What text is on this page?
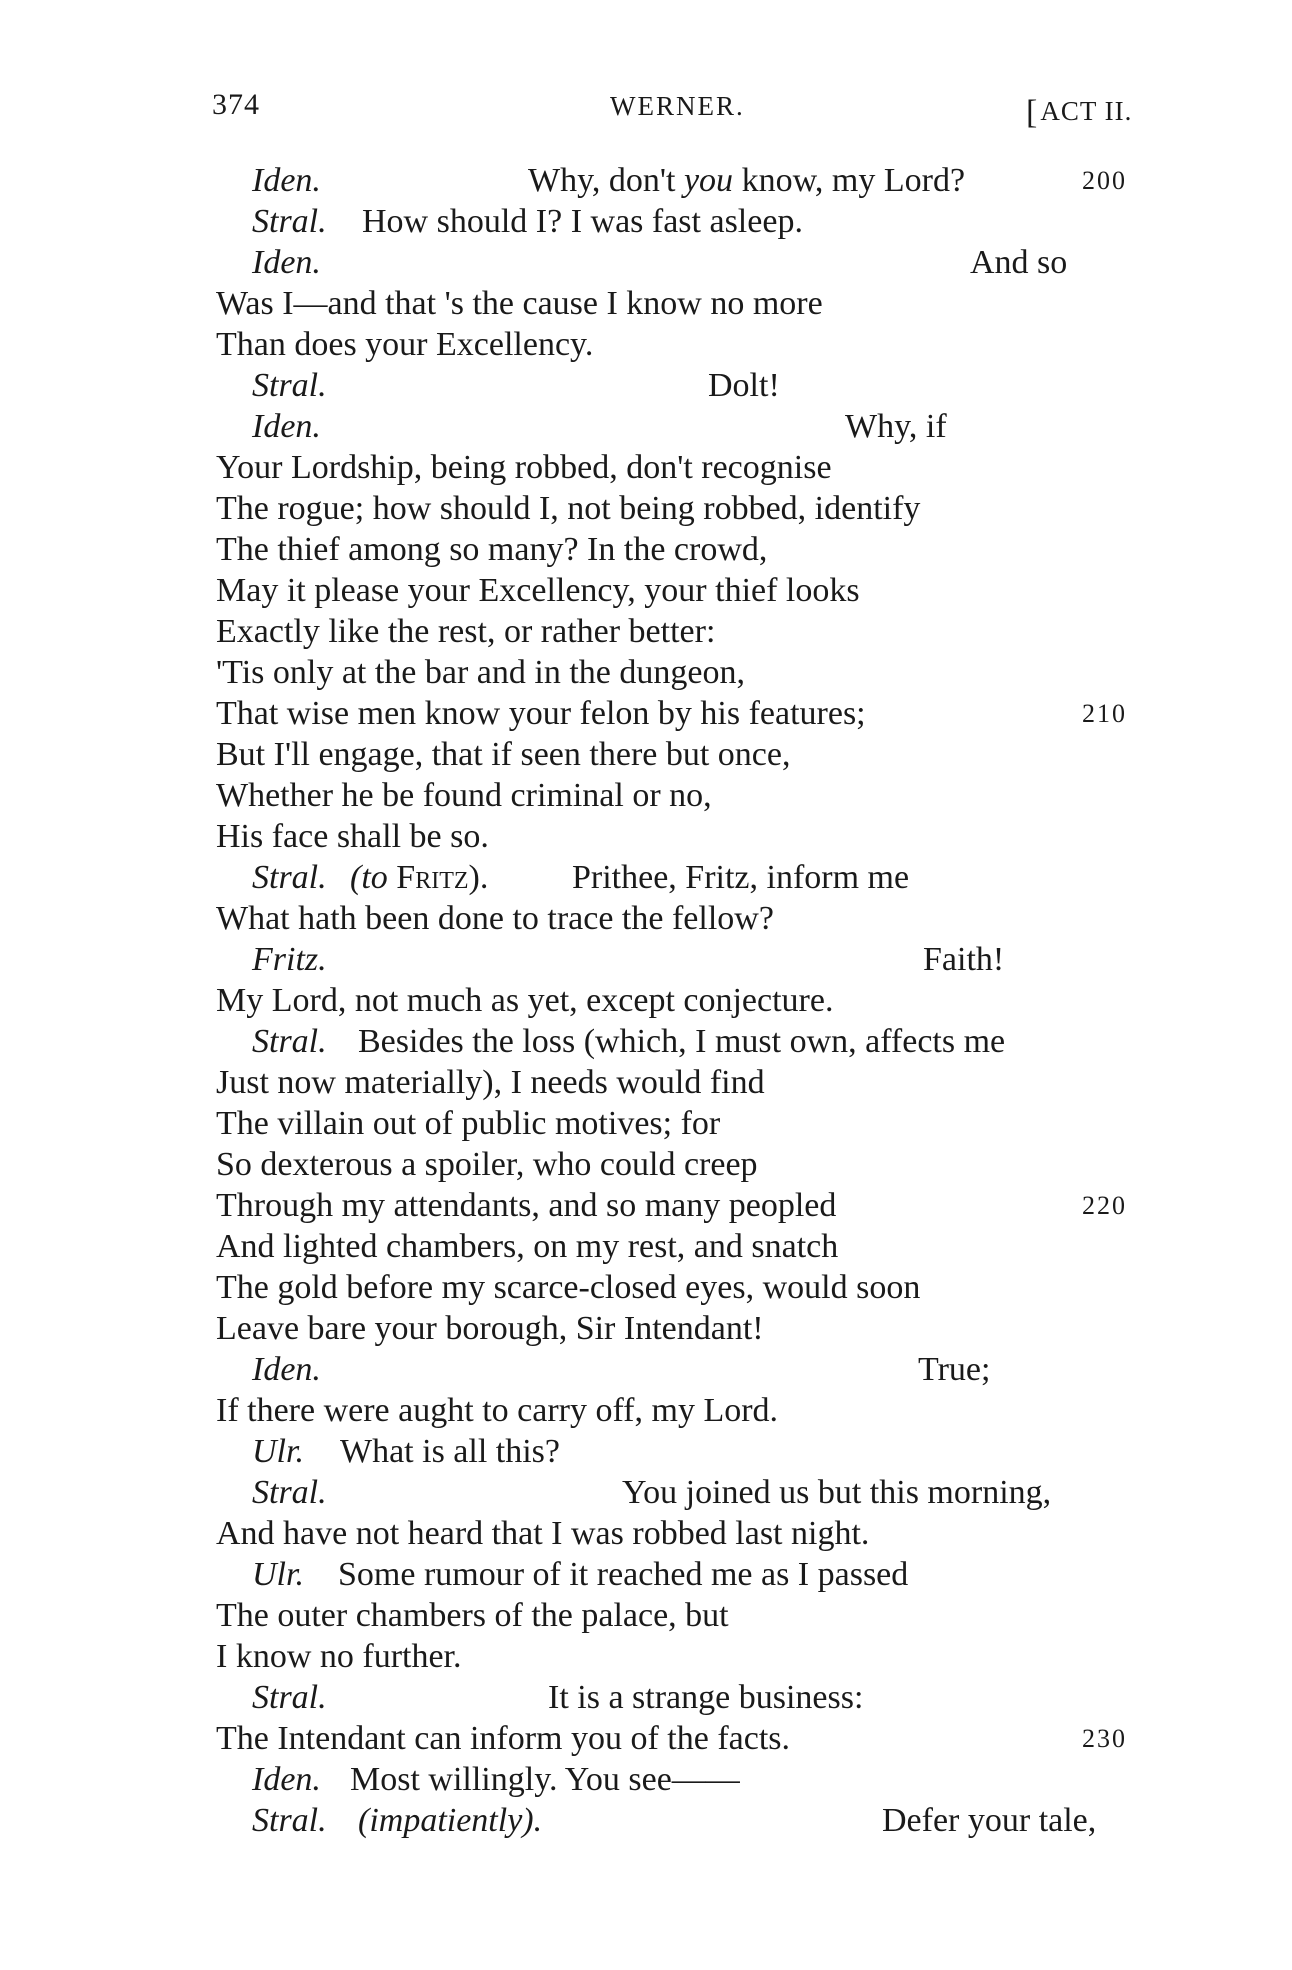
374	WERNER.	[ACT II.
Iden.	Why, don't you know, my Lord?	200
Stral. How should I? I was fast asleep.
Iden.	And so
Was I—and that 's the cause I know no more
Than does your Excellency.
Stral.	Dolt!
Iden.	Why, if
Your Lordship, being robbed, don't recognise
The rogue; how should I, not being robbed, identify
The thief among so many? In the crowd,
May it please your Excellency, your thief looks
Exactly like the rest, or rather better:
'Tis only at the bar and in the dungeon,
That wise men know your felon by his features;	210
But I'll engage, that if seen there but once,
Whether he be found criminal or no,
His face shall be so.
Stral. (to Fritz). Prithee, Fritz, inform me
What hath been done to trace the fellow?
Fritz.	Faith!
My Lord, not much as yet, except conjecture.
Stral. Besides the loss (which, I must own, affects me
Just now materially), I needs would find
The villain out of public motives; for
So dexterous a spoiler, who could creep
Through my attendants, and so many peopled	220
And lighted chambers, on my rest, and snatch
The gold before my scarce-closed eyes, would soon
Leave bare your borough, Sir Intendant!
Iden.	True;
If there were aught to carry off, my Lord.
Ulr. What is all this?
Stral.	You joined us but this morning,
And have not heard that I was robbed last night.
Ulr. Some rumour of it reached me as I passed
The outer chambers of the palace, but
I know no further.
Stral.	It is a strange business:
The Intendant can inform you of the facts.	230
Iden. Most willingly. You see——
Stral. (impatiently).	Defer your tale,
